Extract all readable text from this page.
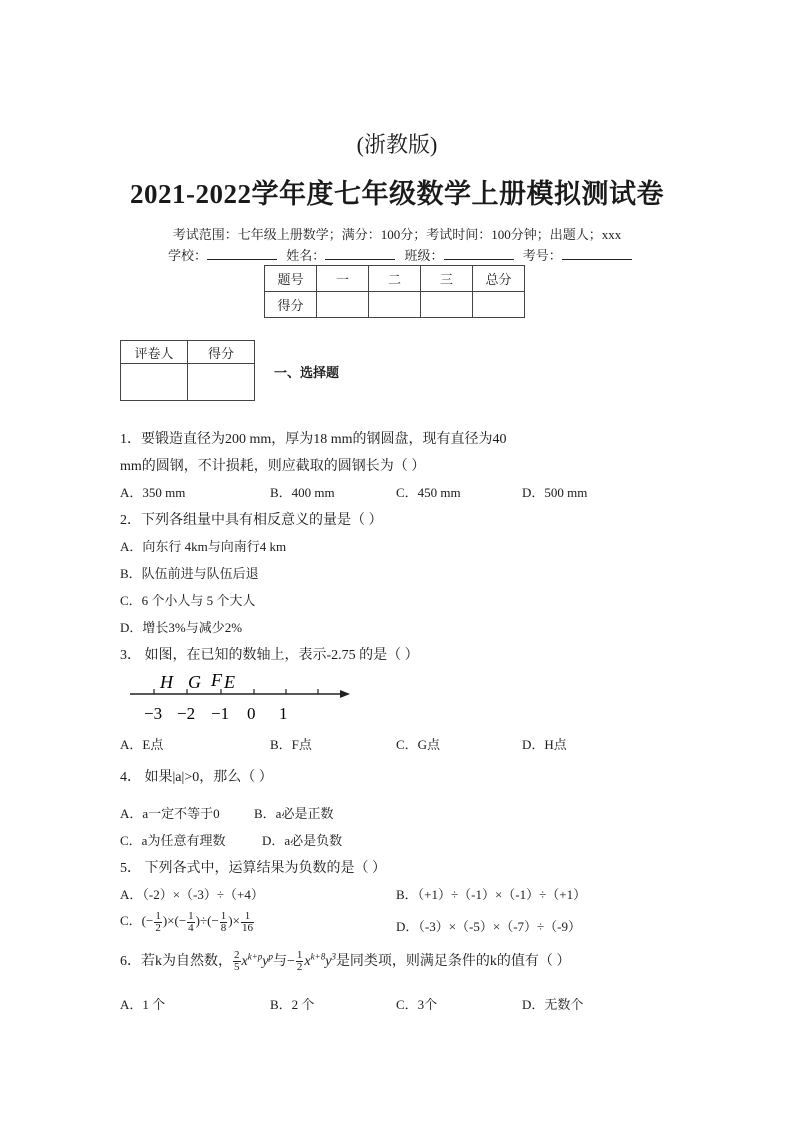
(浙教版)
2021-2022学年度七年级数学上册模拟测试卷
考试范围：七年级上册数学；满分：100分；考试时间：100分钟；出题人；xxx
学校：	姓名：	班级：	考号：
题号	一	二	三	总分
得分				
评卷人	得分

一、选择题
1．要锻造直径为200 mm，厚为18 mm的钢圆盘，现有直径为40
mm的圆钢，不计损耗，则应截取的圆钢长为（ ）
A．350 mm	B．400 mm	C．450 mm	D．500 mm
2．下列各组量中具有相反意义的量是（ ）
A．向东行 4km与向南行4 km
B．队伍前进与队伍后退
C．6 个小人与 5 个大人
D．增长3%与减少2%
3． 如图，在已知的数轴上，表示-2.75 的是（ ）
H G F E
−3 −2 −1 0 1
A．E点	B．F点	C．G点	D．H点
4． 如果|a|>0，那么（ ）
A．a一定不等于0	B．a必是正数
C．a为任意有理数	D．a必是负数
5． 下列各式中，运算结果为负数的是（ ）
A．（-2）×（-3）÷（+4）	B．（+1）÷（-1）×（-1）÷（+1）
C．(− $\frac{1}{2}$ )×(− $\frac{1}{4}$ )÷(− $\frac{1}{8}$ )× $\frac{1}{16}$	D．（-3）×（-5）×（-7）÷（-9）
6．若k为自然数， $\frac{2}{5} x^{k+p}y^p$与− $\frac{1}{2} x^{k+8}y^3$是同类项，则满足条件的k的值有（ ）
A．1 个	B．2 个	C．3个	D．无数个
